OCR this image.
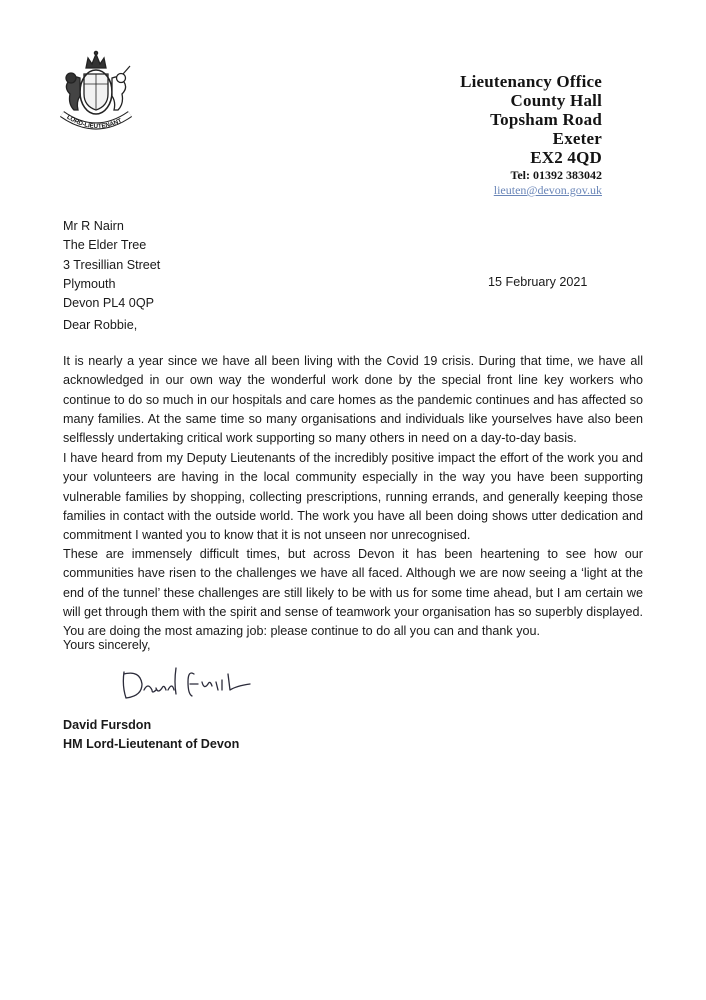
LORD-LIEUTENANT
Lieutenancy Office
County Hall
Topsham Road
Exeter
EX2 4QD
Tel: 01392 383042
lieuten@devon.gov.uk
Mr R Nairn
The Elder Tree
3 Tresillian Street
Plymouth
Devon PL4 0QP
15 February 2021
Dear Robbie,

It is nearly a year since we have all been living with the Covid 19 crisis. During that time, we have all acknowledged in our own way the wonderful work done by the special front line key workers who continue to do so much in our hospitals and care homes as the pandemic continues and has affected so many families. At the same time so many organisations and individuals like yourselves have also been selflessly undertaking critical work supporting so many others in need on a day-to-day basis.

I have heard from my Deputy Lieutenants of the incredibly positive impact the effort of the work you and your volunteers are having in the local community especially in the way you have been supporting vulnerable families by shopping, collecting prescriptions, running errands, and generally keeping those families in contact with the outside world. The work you have all been doing shows utter dedication and commitment I wanted you to know that it is not unseen nor unrecognised.

These are immensely difficult times, but across Devon it has been heartening to see how our communities have risen to the challenges we have all faced. Although we are now seeing a ‘light at the end of the tunnel’ these challenges are still likely to be with us for some time ahead, but I am certain we will get through them with the spirit and sense of teamwork your organisation has so superbly displayed. You are doing the most amazing job: please continue to do all you can and thank you.

Yours sincerely,
David Fursdon
HM Lord-Lieutenant of Devon
